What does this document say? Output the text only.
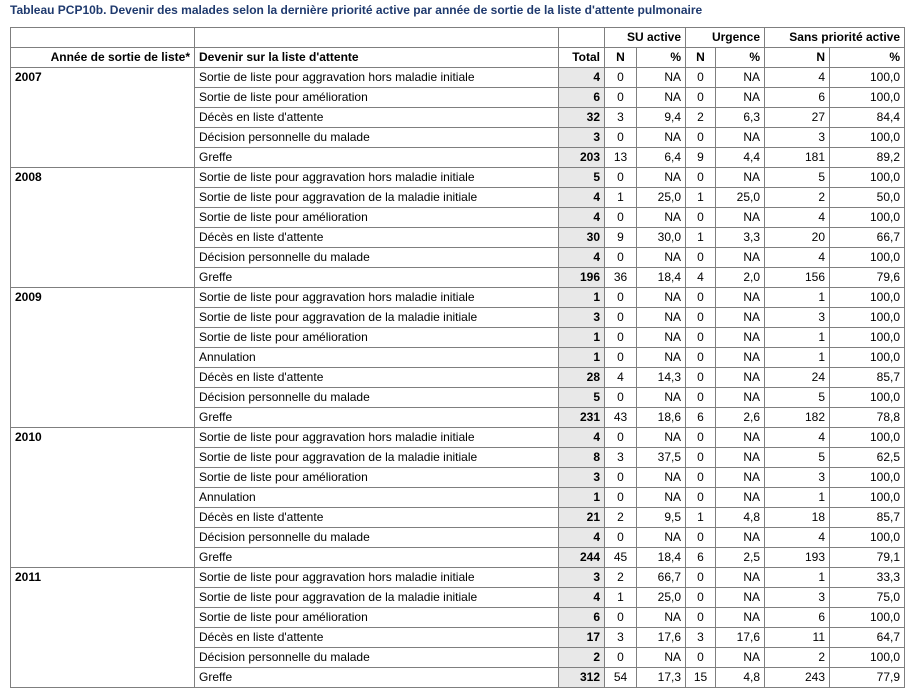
Tableau PCP10b. Devenir des malades selon la dernière priorité active par année de sortie de la liste d'attente pulmonaire
			SU active		Urgence		Sans priorité active	
Année de sortie de liste*	Devenir sur la liste d'attente	Total	N	%	N	%	N	%
2007	Sortie de liste pour aggravation hors maladie initiale	4	0	NA	0	NA	4	100,0
	Sortie de liste pour amélioration	6	0	NA	0	NA	6	100,0
	Décès en liste d'attente	32	3	9,4	2	6,3	27	84,4
	Décision personnelle du malade	3	0	NA	0	NA	3	100,0
	Greffe	203	13	6,4	9	4,4	181	89,2
2008	Sortie de liste pour aggravation hors maladie initiale	5	0	NA	0	NA	5	100,0
	Sortie de liste pour aggravation de la maladie initiale	4	1	25,0	1	25,0	2	50,0
	Sortie de liste pour amélioration	4	0	NA	0	NA	4	100,0
	Décès en liste d'attente	30	9	30,0	1	3,3	20	66,7
	Décision personnelle du malade	4	0	NA	0	NA	4	100,0
	Greffe	196	36	18,4	4	2,0	156	79,6
2009	Sortie de liste pour aggravation hors maladie initiale	1	0	NA	0	NA	1	100,0
	Sortie de liste pour aggravation de la maladie initiale	3	0	NA	0	NA	3	100,0
	Sortie de liste pour amélioration	1	0	NA	0	NA	1	100,0
	Annulation	1	0	NA	0	NA	1	100,0
	Décès en liste d'attente	28	4	14,3	0	NA	24	85,7
	Décision personnelle du malade	5	0	NA	0	NA	5	100,0
	Greffe	231	43	18,6	6	2,6	182	78,8
2010	Sortie de liste pour aggravation hors maladie initiale	4	0	NA	0	NA	4	100,0
	Sortie de liste pour aggravation de la maladie initiale	8	3	37,5	0	NA	5	62,5
	Sortie de liste pour amélioration	3	0	NA	0	NA	3	100,0
	Annulation	1	0	NA	0	NA	1	100,0
	Décès en liste d'attente	21	2	9,5	1	4,8	18	85,7
	Décision personnelle du malade	4	0	NA	0	NA	4	100,0
	Greffe	244	45	18,4	6	2,5	193	79,1
2011	Sortie de liste pour aggravation hors maladie initiale	3	2	66,7	0	NA	1	33,3
	Sortie de liste pour aggravation de la maladie initiale	4	1	25,0	0	NA	3	75,0
	Sortie de liste pour amélioration	6	0	NA	0	NA	6	100,0
	Décès en liste d'attente	17	3	17,6	3	17,6	11	64,7
	Décision personnelle du malade	2	0	NA	0	NA	2	100,0
	Greffe	312	54	17,3	15	4,8	243	77,9
